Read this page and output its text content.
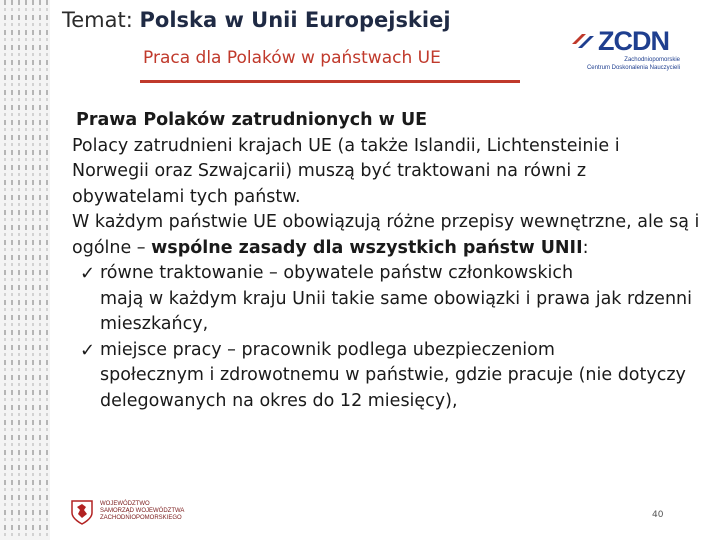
Temat: Polska w Unii Europejskiej
Praca dla Polaków w państwach UE
ZCDN
Zachodniopomorskie
Centrum Doskonalenia Nauczycieli

Prawa Polaków zatrudnionych w UE

Polacy zatrudnieni krajach UE (a także Islandii, Lichtensteinie i Norwegii oraz Szwajcarii) muszą być traktowani na równi z obywatelami tych państw.

W każdym państwie UE obowiązują różne przepisy wewnętrzne, ale są i ogólne – wspólne zasady dla wszystkich państw UNII:

✓ równe traktowanie – obywatele państw członkowskich
mają w każdym kraju Unii takie same obowiązki i prawa jak rdzenni mieszkańcy,
✓ miejsce pracy – pracownik podlega ubezpieczeniom
społecznym i zdrowotnemu w państwie, gdzie pracuje (nie dotyczy delegowanych na okres do 12 miesięcy),
WOJEWÓDZTWO
SAMORZĄD WOJEWÓDZTWA
ZACHODNIOPOMORSKIEGO	40
